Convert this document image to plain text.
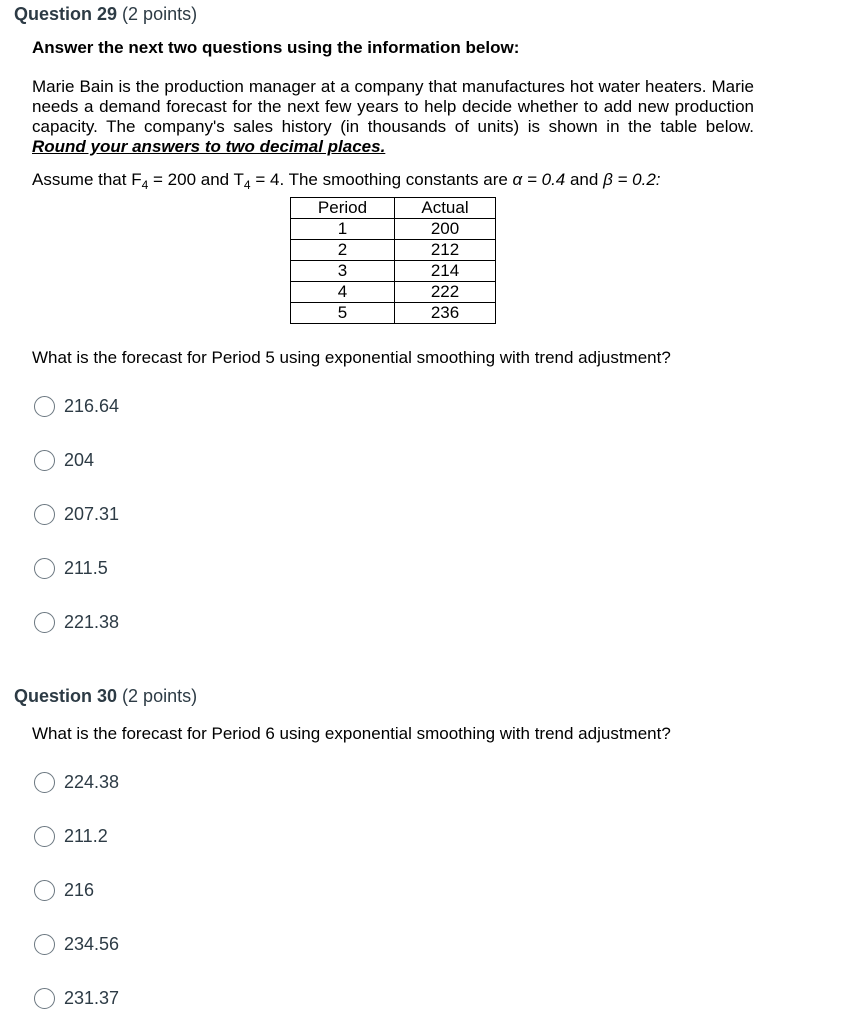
Question 29 (2 points)
Answer the next two questions using the information below:
Marie Bain is the production manager at a company that manufactures hot water heaters. Marie needs a demand forecast for the next few years to help decide whether to add new production capacity. The company's sales history (in thousands of units) is shown in the table below. Round your answers to two decimal places.
Assume that $F_4 = 200$ and $T_4 = 4$. The smoothing constants are α = 0.4 and β = 0.2:
Period	Actual
1	200
2	212
3	214
4	222
5	236
What is the forecast for Period 5 using exponential smoothing with trend adjustment?
216.64
204
207.31
211.5
221.38
Question 30 (2 points)
What is the forecast for Period 6 using exponential smoothing with trend adjustment?
224.38
211.2
216
234.56
231.37
